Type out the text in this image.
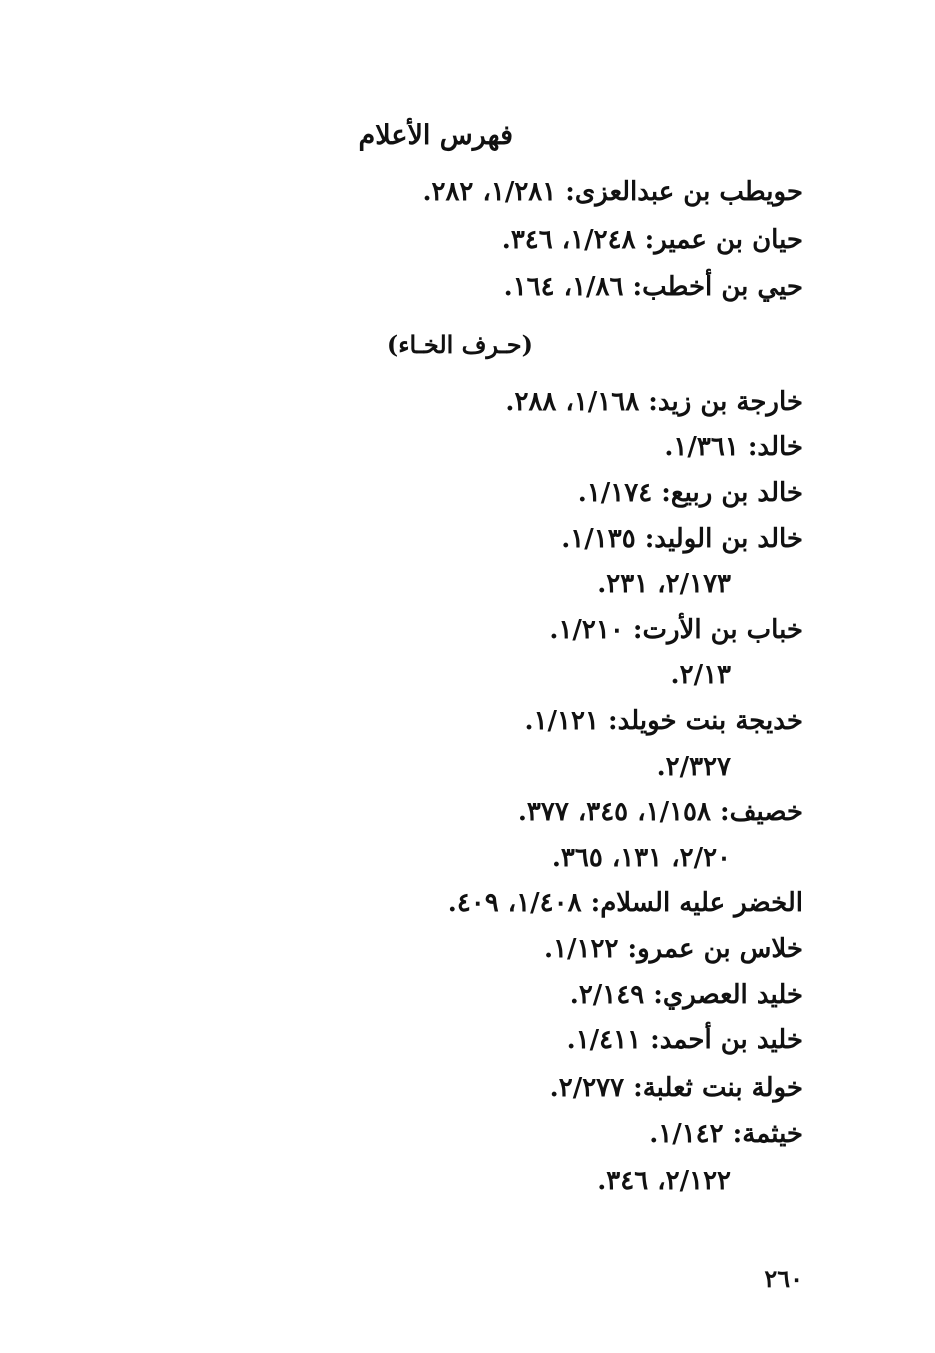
فهرس الأعلام
حويطب بن عبدالعزى: ١/٢٨١، ٢٨٢.
حيان بن عمير: ١/٢٤٨، ٣٤٦.
حيي بن أخطب: ١/٨٦، ١٦٤.
(حـرف الخـاء)
خارجة بن زيد: ١/١٦٨، ٢٨٨.
خالد: ١/٣٦١.
خالد بن ربيع: ١/١٧٤.
خالد بن الوليد: ١/١٣٥.
٢/١٧٣، ٢٣١.
خباب بن الأرت: ١/٢١٠.
٢/١٣.
خديجة بنت خويلد: ١/١٢١.
٢/٣٢٧.
خصيف: ١/١٥٨، ٣٤٥، ٣٧٧.
٢/٢٠، ١٣١، ٣٦٥.
الخضر عليه السلام: ١/٤٠٨، ٤٠٩.
خلاس بن عمرو: ١/١٢٢.
خليد العصري: ٢/١٤٩.
خليد بن أحمد: ١/٤١١.
خولة بنت ثعلبة: ٢/٢٧٧.
خيثمة: ١/١٤٢.
٢/١٢٢، ٣٤٦.
٢٦٠
